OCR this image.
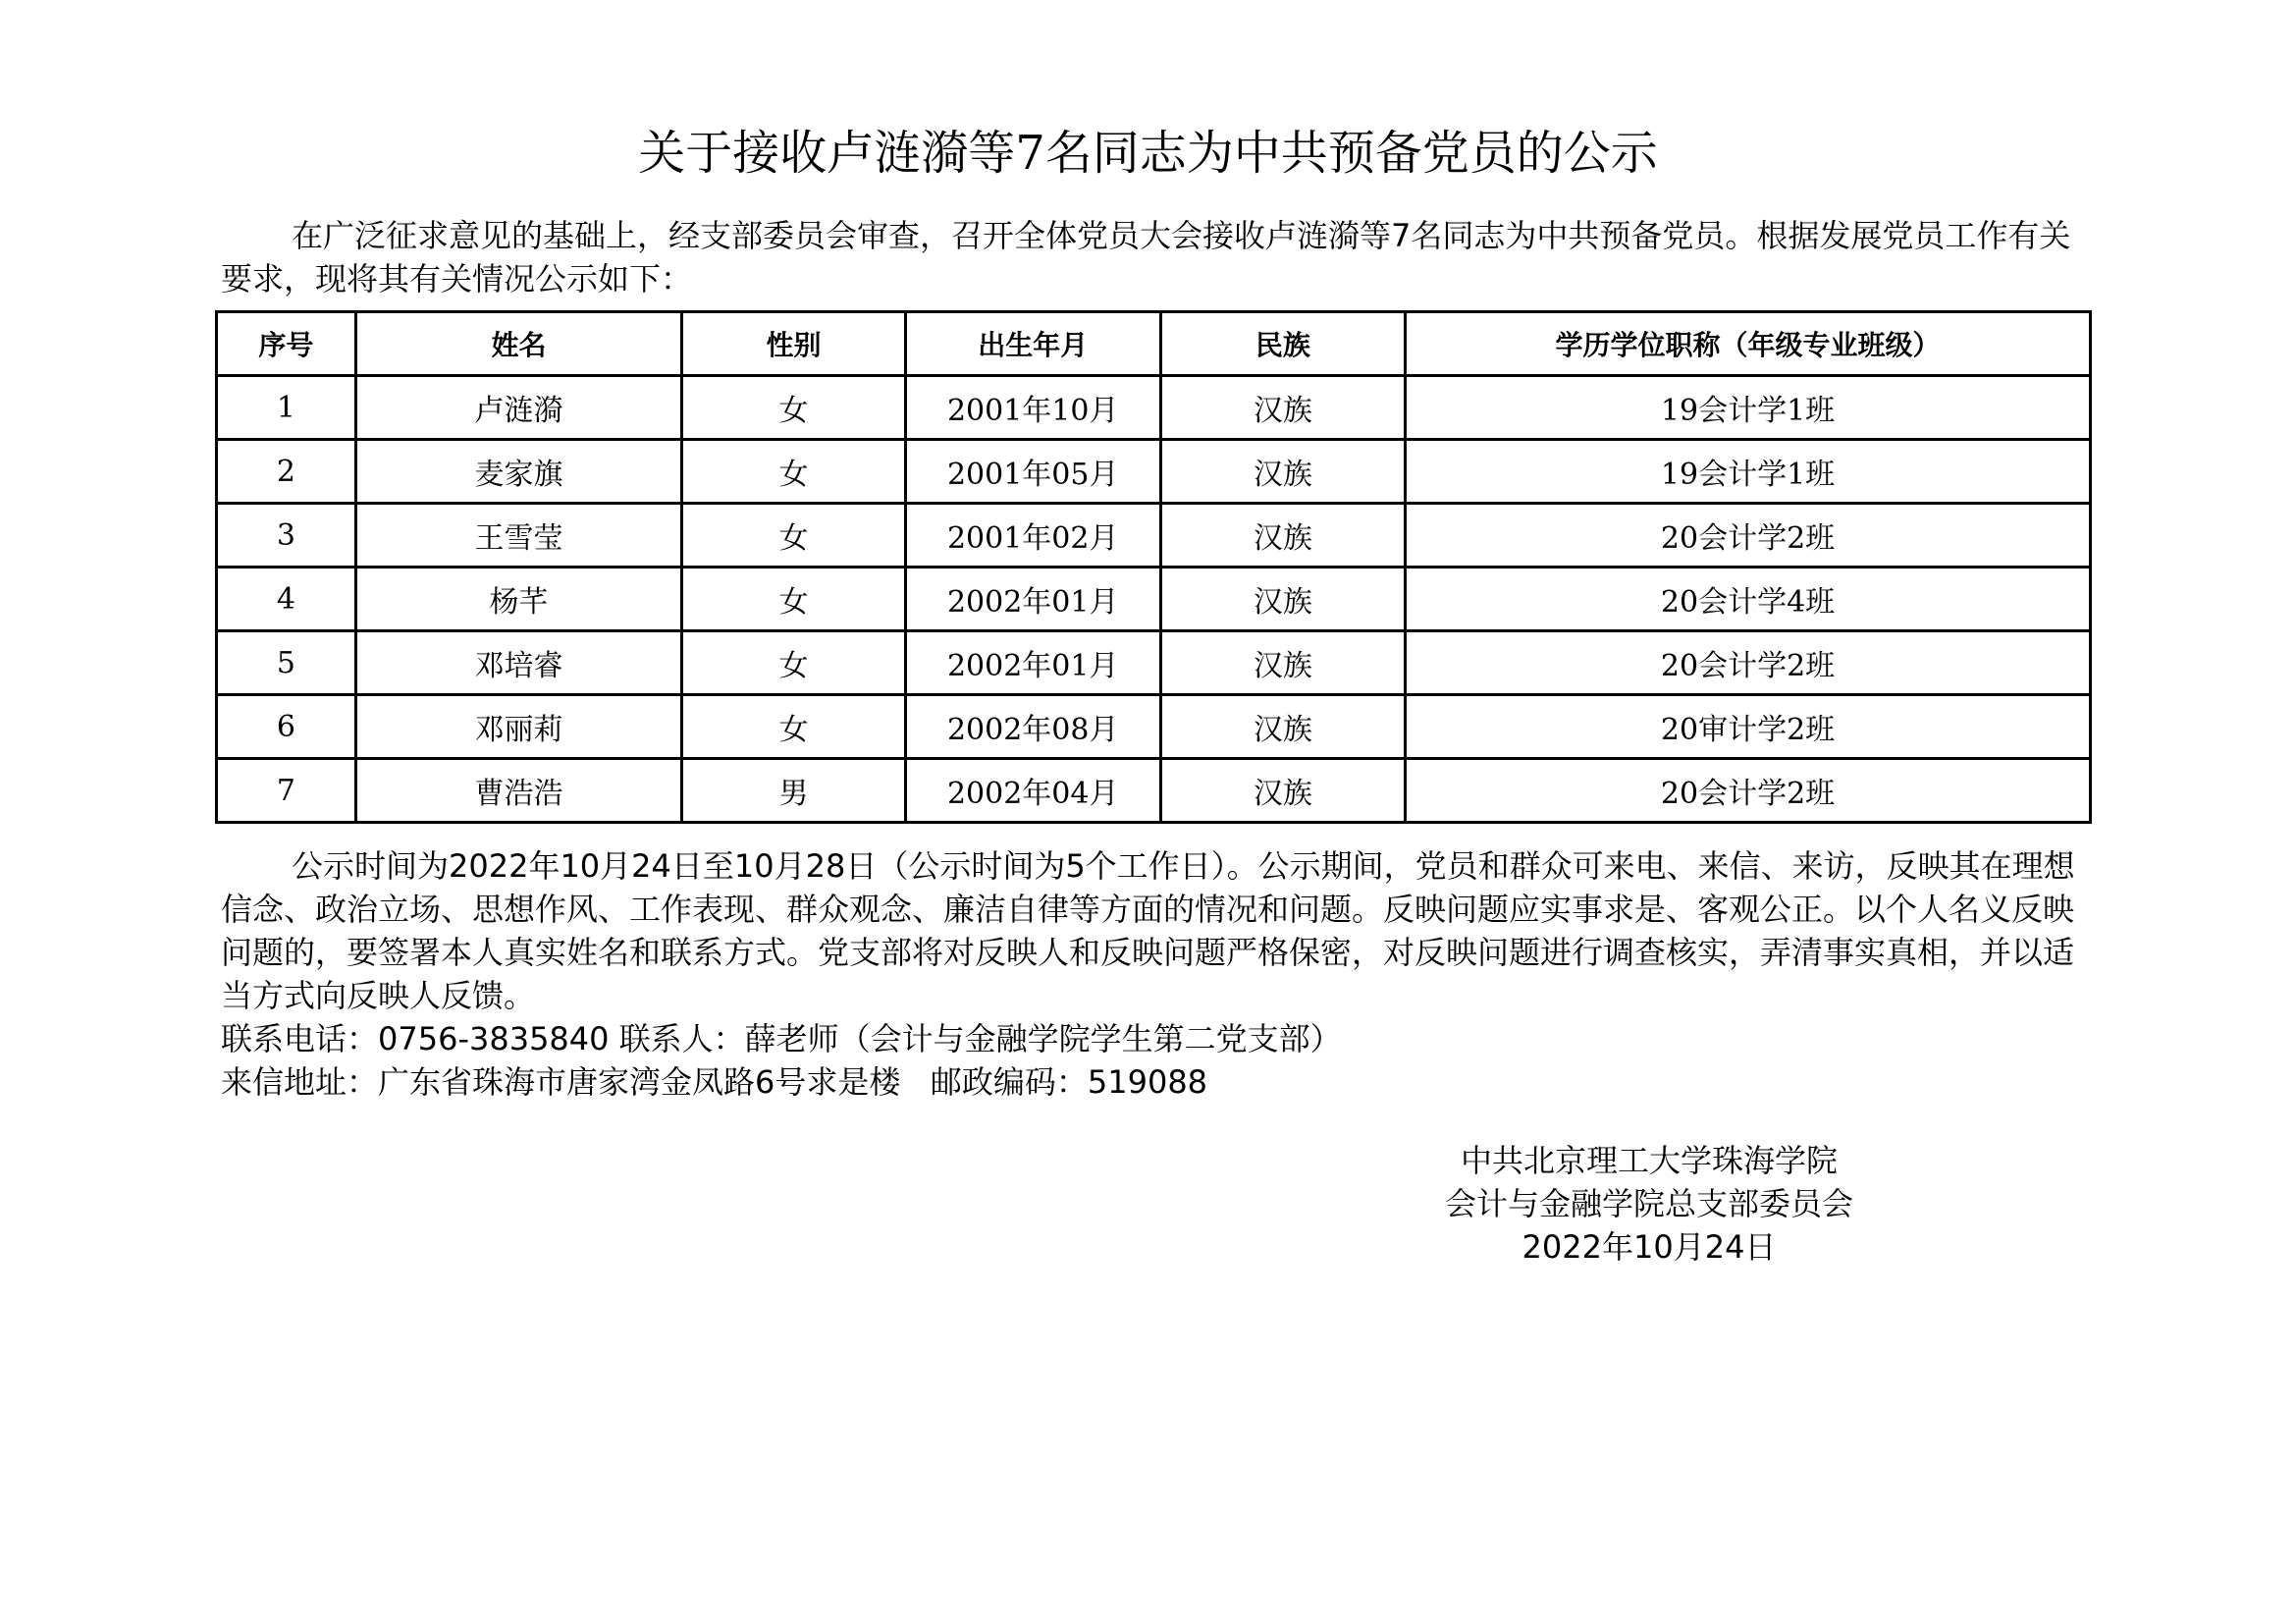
关于接收卢涟漪等7名同志为中共预备党员的公示
在广泛征求意见的基础上，经支部委员会审查，召开全体党员大会接收卢涟漪等7名同志为中共预备党员。根据发展党员工作有关要求，现将其有关情况公示如下：
序号	姓名	性别	出生年月	民族	学历学位职称（年级专业班级）
1	卢涟漪	女	2001年10月	汉族	19会计学1班
2	麦家旗	女	2001年05月	汉族	19会计学1班
3	王雪莹	女	2001年02月	汉族	20会计学2班
4	杨芊	女	2002年01月	汉族	20会计学4班
5	邓培睿	女	2002年01月	汉族	20会计学2班
6	邓丽莉	女	2002年08月	汉族	20审计学2班
7	曹浩浩	男	2002年04月	汉族	20会计学2班
公示时间为2022年10月24日至10月28日（公示时间为5个工作日）。公示期间，党员和群众可来电、来信、来访，反映其在理想信念、政治立场、思想作风、工作表现、群众观念、廉洁自律等方面的情况和问题。反映问题应实事求是、客观公正。以个人名义反映问题的，要签署本人真实姓名和联系方式。党支部将对反映人和反映问题严格保密，对反映问题进行调查核实，弄清事实真相，并以适当方式向反映人反馈。
联系电话：0756-3835840 联系人：薛老师（会计与金融学院学生第二党支部）
来信地址：广东省珠海市唐家湾金凤路6号求是楼   邮政编码：519088
中共北京理工大学珠海学院
会计与金融学院总支部委员会
2022年10月24日
